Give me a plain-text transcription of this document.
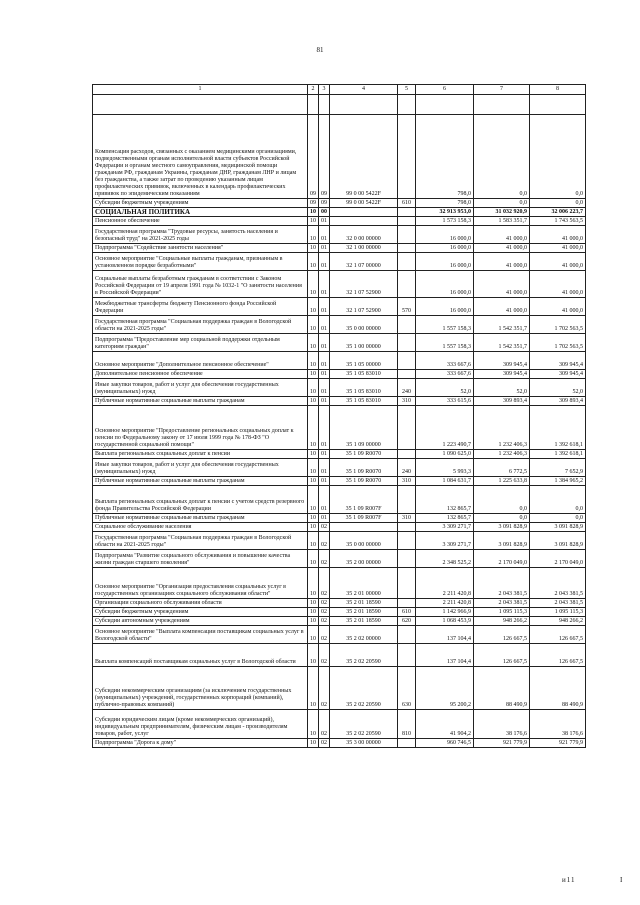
81
1	2	3	4	5	6	7	8

Компенсация расходов, связанных с оказанием медицинскими организациями, подведомственными органам исполнительной власти субъектов Российской Федерации и органам местного самоуправления, медицинской помощи гражданам РФ, гражданам Украины, гражданам ДНР, гражданам ЛНР и лицам без гражданства, а также затрат по проведению указанным лицам профилактических прививок, включенных в календарь профилактических прививок по эпидемическим показаниям	09	09	99 0 00 5422F		798,0	0,0	0,0
Субсидии бюджетным учреждениям	09	09	99 0 00 5422F	610	798,0	0,0	0,0
СОЦИАЛЬНАЯ ПОЛИТИКА	10	00			32 913 953,0	31 032 920,9	32 006 223,7
Пенсионное обеспечение	10	01			1 573 158,3	1 583 351,7	1 743 563,5
Государственная программа "Трудовые ресурсы, занятость населения и безопасный труд" на 2021-2025 годы	10	01	32 0 00 00000		16 000,0	41 000,0	41 000,0
Подпрограмма "Содействие занятости населения"	10	01	32 1 00 00000		16 000,0	41 000,0	41 000,0
Основное мероприятие "Социальные выплаты гражданам, признанным в установленном порядке безработными"	10	01	32 1 07 00000		16 000,0	41 000,0	41 000,0
Социальные выплаты безработным гражданам в соответствии с Законом Российской Федерации от 19 апреля 1991 года № 1032-1 "О занятости населения в Российской Федерации"	10	01	32 1 07 52900		16 000,0	41 000,0	41 000,0
Межбюджетные трансферты бюджету Пенсионного фонда Российской Федерации	10	01	32 1 07 52900	570	16 000,0	41 000,0	41 000,0
Государственная программа "Социальная поддержка граждан в Вологодской области на 2021-2025 годы"	10	01	35 0 00 00000		1 557 158,3	1 542 351,7	1 702 563,5
Подпрограмма "Предоставление мер социальной поддержки отдельным категориям граждан"	10	01	35 1 00 00000		1 557 158,3	1 542 351,7	1 702 563,5
Основное мероприятие "Дополнительное пенсионное обеспечение"	10	01	35 1 05 00000		333 667,6	309 945,4	309 945,4
Дополнительное пенсионное обеспечение	10	01	35 1 05 83010		333 667,6	309 945,4	309 945,4
Иные закупки товаров, работ и услуг для обеспечения государственных (муниципальных) нужд	10	01	35 1 05 83010	240	52,0	52,0	52,0
Публичные нормативные социальные выплаты гражданам	10	01	35 1 05 83010	310	333 615,6	309 893,4	309 893,4
Основное мероприятие "Предоставление региональных социальных доплат к пенсии по Федеральному закону от 17 июля 1999 года № 178-ФЗ "О государственной социальной помощи"	10	01	35 1 09 00000		1 223 490,7	1 232 406,3	1 392 618,1
Выплата региональных социальных доплат к пенсии	10	01	35 1 09 R0070		1 090 625,0	1 232 406,3	1 392 618,1
Иные закупки товаров, работ и услуг для обеспечения государственных (муниципальных) нужд	10	01	35 1 09 R0070	240	5 993,3	6 772,5	7 652,9
Публичные нормативные социальные выплаты гражданам	10	01	35 1 09 R0070	310	1 084 631,7	1 225 633,8	1 384 965,2
Выплата региональных социальных доплат к пенсии с учетом средств резервного фонда Правительства Российской Федерации	10	01	35 1 09 R007F		132 865,7	0,0	0,0
Публичные нормативные социальные выплаты гражданам	10	01	35 1 09 R007F	310	132 865,7	0,0	0,0
Социальное обслуживание населения	10	02			3 309 271,7	3 091 828,9	3 091 828,9
Государственная программа "Социальная поддержка граждан в Вологодской области на 2021-2025 годы"	10	02	35 0 00 00000		3 309 271,7	3 091 828,9	3 091 828,9
Подпрограмма "Развитие социального обслуживания и повышение качества жизни граждан старшего поколения"	10	02	35 2 00 00000		2 348 525,2	2 170 049,0	2 170 049,0
Основное мероприятие "Организация предоставления социальных услуг в государственных организациях социального обслуживания области"	10	02	35 2 01 00000		2 211 420,8	2 043 381,5	2 043 381,5
Организации социального обслуживания области	10	02	35 2 01 18590		2 211 420,8	2 043 381,5	2 043 381,5
Субсидии бюджетным учреждениям	10	02	35 2 01 18590	610	1 142 966,9	1 095 115,3	1 095 115,3
Субсидии автономным учреждениям	10	02	35 2 01 18590	620	1 068 453,9	948 266,2	948 266,2
Основное мероприятие "Выплата компенсации поставщикам социальных услуг в Вологодской области"	10	02	35 2 02 00000		137 104,4	126 667,5	126 667,5
Выплата компенсаций поставщикам социальных услуг в Вологодской области	10	02	35 2 02 20590		137 104,4	126 667,5	126 667,5
Субсидии некоммерческим организациям (за исключением государственных (муниципальных) учреждений, государственных корпораций (компаний), публично-правовых компаний)	10	02	35 2 02 20590	630	95 200,2	88 490,9	88 490,9
Субсидии юридическим лицам (кроме некоммерческих организаций), индивидуальным предпринимателям, физическим лицам - производителям товаров, работ, услуг	10	02	35 2 02 20590	810	41 904,2	38 176,6	38 176,6
Подпрограмма "Дорога к дому"	10	02	35 3 00 00000		960 746,5	921 779,9	921 779,9
и11	I
